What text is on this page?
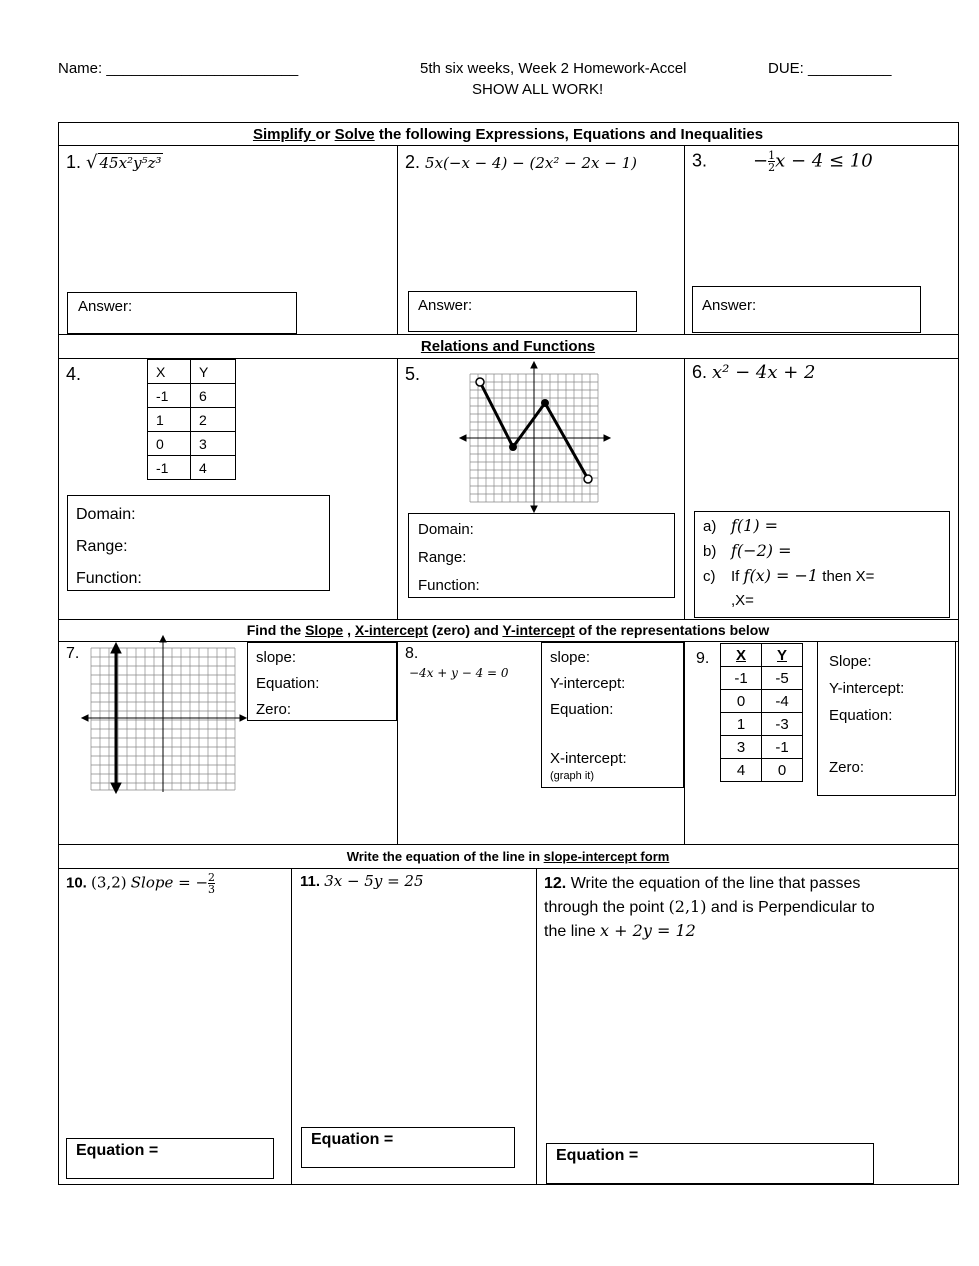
Name: _______________________	5th six weeks, Week 2 Homework-Accel	DUE: __________
SHOW ALL WORK!
Simplify or Solve the following Expressions, Equations and Inequalities
1. √ 45x²y⁵z³	2. 5x(−x − 4) − (2x² − 2x − 1)	3.	− $\frac{1}{2}$ x − 4 ≤ 10
Answer:	Answer:	Answer:
Relations and Functions
4.	X	Y
-1	6
1	2
0	3
-1	4
Domain:
Range:
Function:
5.
Domain:
Range:
Function:
6. x² − 4x + 2
a) f(1) =
b) f(−2) =
c) If f(x) = −1 then X=
,X=
Find the Slope , X-intercept (zero) and Y-intercept of the representations below
7.	slope:
Equation:
Zero:
8.
−4x + y − 4 = 0
slope:
Y-intercept:
Equation:
X-intercept:
(graph it)
9. X	Y
-1	-5
0	-4
1	-3
3	-1
4	0
Slope:
Y-intercept:
Equation:
Zero:
Write the equation of the line in slope-intercept form
10. (3,2) Slope = − $\frac{2}{3}$
Equation =
11. 3x − 5y = 25
Equation =
12. Write the equation of the line that passes
through the point (2,1) and is Perpendicular to
the line x + 2y = 12
Equation =
